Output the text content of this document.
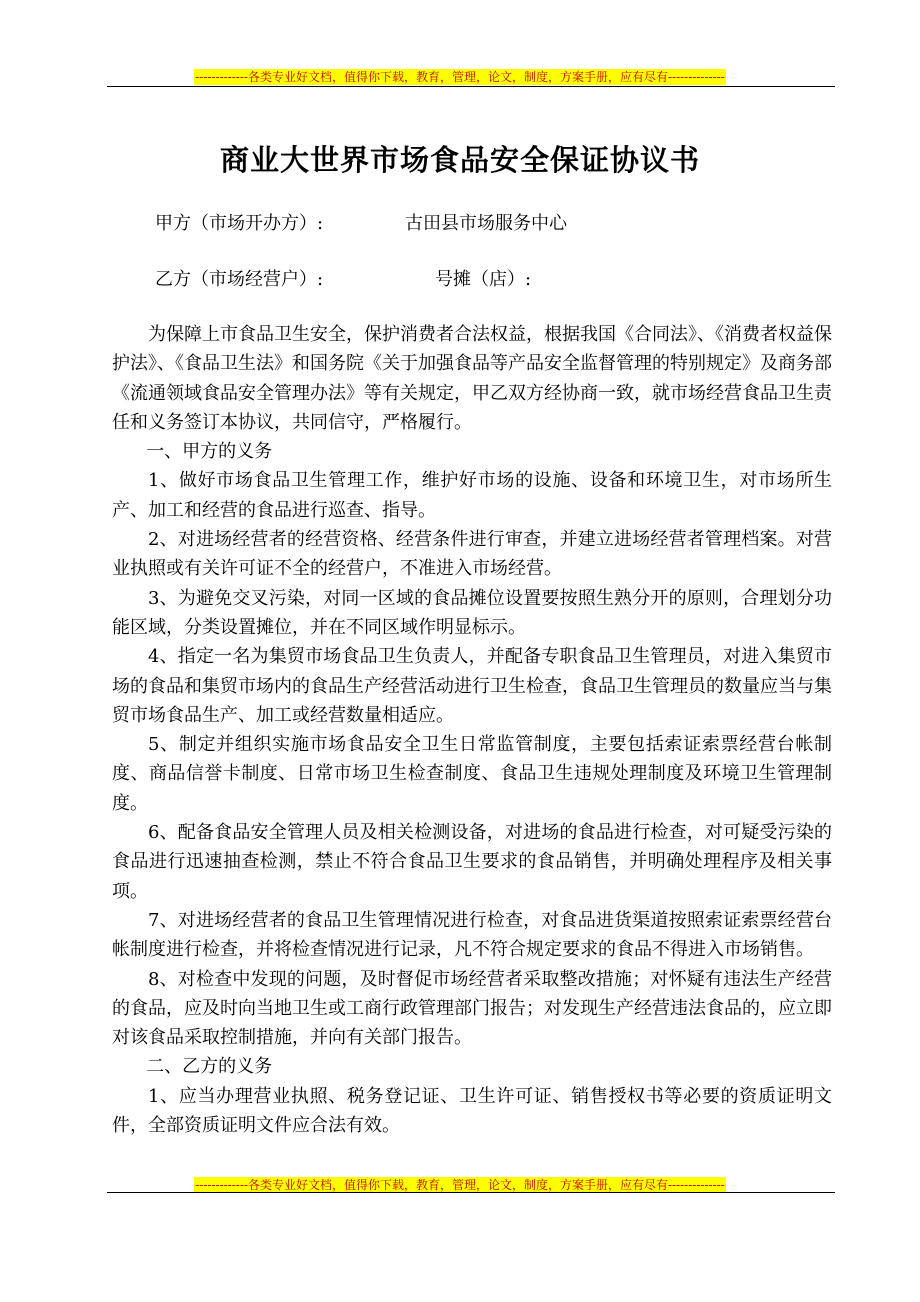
-------------各类专业好文档，值得你下载，教育，管理，论文，制度，方案手册，应有尽有--------------
商业大世界市场食品安全保证协议书
甲方（市场开办方）:	古田县市场服务中心
乙方（市场经营户）:	号摊（店）:

为保障上市食品卫生安全，保护消费者合法权益，根据我国《合同法》、《消费者权益保护法》、《食品卫生法》和国务院《关于加强食品等产品安全监督管理的特别规定》及商务部《流通领域食品安全管理办法》等有关规定，甲乙双方经协商一致，就市场经营食品卫生责任和义务签订本协议，共同信守，严格履行。

一、甲方的义务

1、做好市场食品卫生管理工作，维护好市场的设施、设备和环境卫生，对市场所生产、加工和经营的食品进行巡查、指导。

2、对进场经营者的经营资格、经营条件进行审查，并建立进场经营者管理档案。对营业执照或有关许可证不全的经营户，不准进入市场经营。

3、为避免交叉污染，对同一区域的食品摊位设置要按照生熟分开的原则，合理划分功能区域，分类设置摊位，并在不同区域作明显标示。

4、指定一名为集贸市场食品卫生负责人，并配备专职食品卫生管理员，对进入集贸市场的食品和集贸市场内的食品生产经营活动进行卫生检查，食品卫生管理员的数量应当与集贸市场食品生产、加工或经营数量相适应。

5、制定并组织实施市场食品安全卫生日常监管制度，主要包括索证索票经营台帐制度、商品信誉卡制度、日常市场卫生检查制度、食品卫生违规处理制度及环境卫生管理制度。

6、配备食品安全管理人员及相关检测设备，对进场的食品进行检查，对可疑受污染的食品进行迅速抽查检测，禁止不符合食品卫生要求的食品销售，并明确处理程序及相关事项。

7、对进场经营者的食品卫生管理情况进行检查，对食品进货渠道按照索证索票经营台帐制度进行检查，并将检查情况进行记录，凡不符合规定要求的食品不得进入市场销售。

8、对检查中发现的问题，及时督促市场经营者采取整改措施；对怀疑有违法生产经营的食品，应及时向当地卫生或工商行政管理部门报告；对发现生产经营违法食品的，应立即对该食品采取控制措施，并向有关部门报告。

二、乙方的义务

1、应当办理营业执照、税务登记证、卫生许可证、销售授权书等必要的资质证明文件，全部资质证明文件应合法有效。

-------------各类专业好文档，值得你下载，教育，管理，论文，制度，方案手册，应有尽有--------------
